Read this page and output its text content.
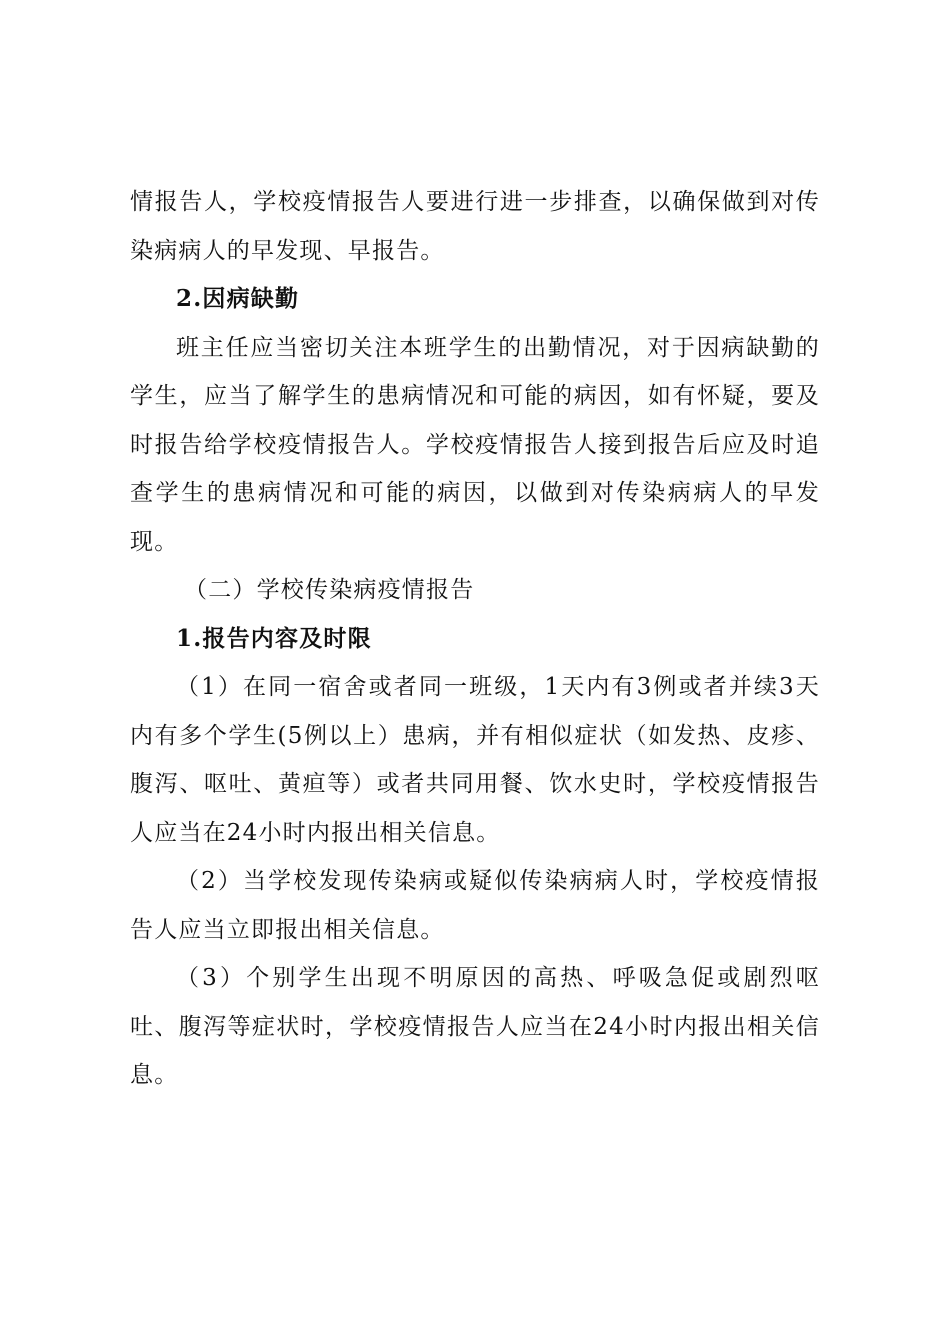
情报告人，学校疫情报告人要进行进一步排查，以确保做到对传染病病人的早发现、早报告。

2.因病缺勤

班主任应当密切关注本班学生的出勤情况，对于因病缺勤的学生，应当了解学生的患病情况和可能的病因，如有怀疑，要及时报告给学校疫情报告人。学校疫情报告人接到报告后应及时追查学生的患病情况和可能的病因，以做到对传染病病人的早发现。

（二）学校传染病疫情报告

1.报告内容及时限

（1）在同一宿舍或者同一班级，1天内有3例或者并续3天内有多个学生(5例以上）患病，并有相似症状（如发热、皮疹、腹泻、呕吐、黄疸等）或者共同用餐、饮水史时，学校疫情报告人应当在24小时内报出相关信息。

（2）当学校发现传染病或疑似传染病病人时，学校疫情报告人应当立即报出相关信息。

（3）个别学生出现不明原因的高热、呼吸急促或剧烈呕吐、腹泻等症状时，学校疫情报告人应当在24小时内报出相关信息。
